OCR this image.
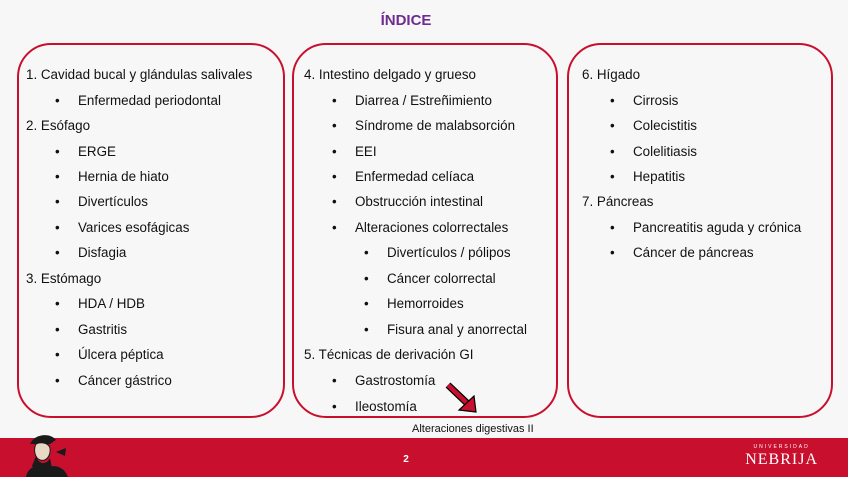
ÍNDICE
1. Cavidad bucal y glándulas salivales
• Enfermedad periodontal
2. Esófago
• ERGE
• Hernia de hiato
• Divertículos
• Varices esofágicas
• Disfagia
3. Estómago
• HDA / HDB
• Gastritis
• Úlcera péptica
• Cáncer gástrico
4. Intestino delgado y grueso
• Diarrea / Estreñimiento
• Síndrome de malabsorción
• EEI
• Enfermedad celíaca
• Obstrucción intestinal
• Alteraciones colorrectales
• Divertículos / pólipos
• Cáncer colorrectal
• Hemorroides
• Fisura anal y anorrectal
5. Técnicas de derivación GI
• Gastrostomía
• Ileostomía
6. Hígado
• Cirrosis
• Colecistitis
• Colelitiasis
• Hepatitis
7. Páncreas
• Pancreatitis aguda y crónica
• Cáncer de páncreas
Alteraciones digestivas II
2
UNIVERSIDAD
NEBRIJA
